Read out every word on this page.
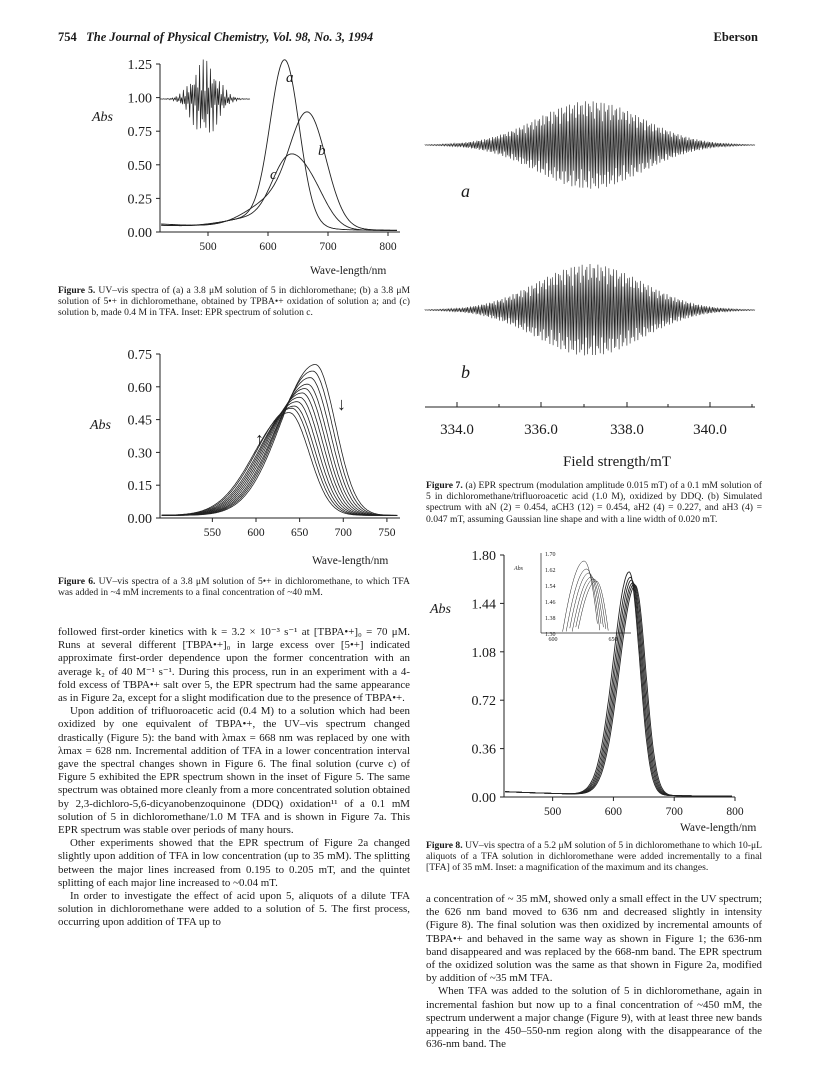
754 The Journal of Physical Chemistry, Vol. 98, No. 3, 1994	Eberson
0.00
0.25
0.50
0.75
1.00
1.25
500	600	700	800
Abs
a
b
c
Wave-length/nm
Figure 5. UV–vis spectra of (a) a 3.8 μM solution of 5 in dichloromethane; (b) a 3.8 μM solution of 5•+ in dichloromethane, obtained by TPBA•+ oxidation of solution a; and (c) solution b, made 0.4 M in TFA. Inset: EPR spectrum of solution c.
0.00
0.15
0.30
0.45
0.60
0.75
550 600 650 700 750
Abs
↑
↓
Wave-length/nm
Figure 6. UV–vis spectra of a 3.8 μM solution of 5•+ in dichloromethane, to which TFA was added in ~4 mM increments to a final concentration of ~40 mM.

followed first-order kinetics with k = 3.2 × 10⁻³ s⁻¹ at [TBPA•+]₀ = 70 μM. Runs at several different [TBPA•+]₀ in large excess over [5•+] indicated approximate first-order dependence upon the former concentration with an average k₂ of 40 M⁻¹ s⁻¹. During this process, run in an experiment with a 4-fold excess of TBPA•+ salt over 5, the EPR spectrum had the same appearance as in Figure 2a, except for a slight modification due to the presence of TBPA•+.

Upon addition of trifluoroacetic acid (0.4 M) to a solution which had been oxidized by one equivalent of TBPA•+, the UV–vis spectrum changed drastically (Figure 5): the band with λmax = 668 nm was replaced by one with λmax = 628 nm. Incremental addition of TFA in a lower concentration interval gave the spectral changes shown in Figure 6. The final solution (curve c) of Figure 5 exhibited the EPR spectrum shown in the inset of Figure 5. The same spectrum was obtained more cleanly from a more concentrated solution obtained by 2,3-dichloro-5,6-dicyanobenzoquinone (DDQ) oxidation¹¹ of a 0.1 mM solution of 5 in dichloromethane/1.0 M TFA and is shown in Figure 7a. This EPR spectrum was stable over periods of many hours.

Other experiments showed that the EPR spectrum of Figure 2a changed slightly upon addition of TFA in low concentration (up to 35 mM). The splitting between the major lines increased from 0.195 to 0.205 mT, and the quintet splitting of each major line increased to ~0.04 mT.

In order to investigate the effect of acid upon 5, aliquots of a dilute TFA solution in dichloromethane were added to a solution of 5. The first process, occurring upon addition of TFA up to

a
b
334.0	336.0	338.0	340.0
Field strength/mT
Figure 7. (a) EPR spectrum (modulation amplitude 0.015 mT) of a 0.1 mM solution of 5 in dichloromethane/trifluoroacetic acid (1.0 M), oxidized by DDQ. (b) Simulated spectrum with aN (2) = 0.454, aCH3 (12) = 0.454, aH2 (4) = 0.227, and aH3 (4) = 0.047 mT, assuming Gaussian line shape and with a line width of 0.020 mT.
0.00
0.36
0.72
1.08
1.44
1.80
500	600	700	800
Abs
1.30
1.38
1.46
1.54
1.62
1.70
600	650
Abs
Wave-length/nm
Figure 8. UV–vis spectra of a 5.2 μM solution of 5 in dichloromethane to which 10-μL aliquots of a TFA solution in dichloromethane were added incrementally to a final [TFA] of 35 mM. Inset: a magnification of the maximum and its changes.

a concentration of ~ 35 mM, showed only a small effect in the UV spectrum; the 626 nm band moved to 636 nm and decreased slightly in intensity (Figure 8). The final solution was then oxidized by incremental amounts of TBPA•+ and behaved in the same way as shown in Figure 1; the 636-nm band disappeared and was replaced by the 668-nm band. The EPR spectrum of the oxidized solution was the same as that shown in Figure 2a, modified by addition of ~35 mM TFA.

When TFA was added to the solution of 5 in dichloromethane, again in incremental fashion but now up to a final concentration of ~450 mM, the spectrum underwent a major change (Figure 9), with at least three new bands appearing in the 450–550-nm region along with the disappearance of the 636-nm band. The
